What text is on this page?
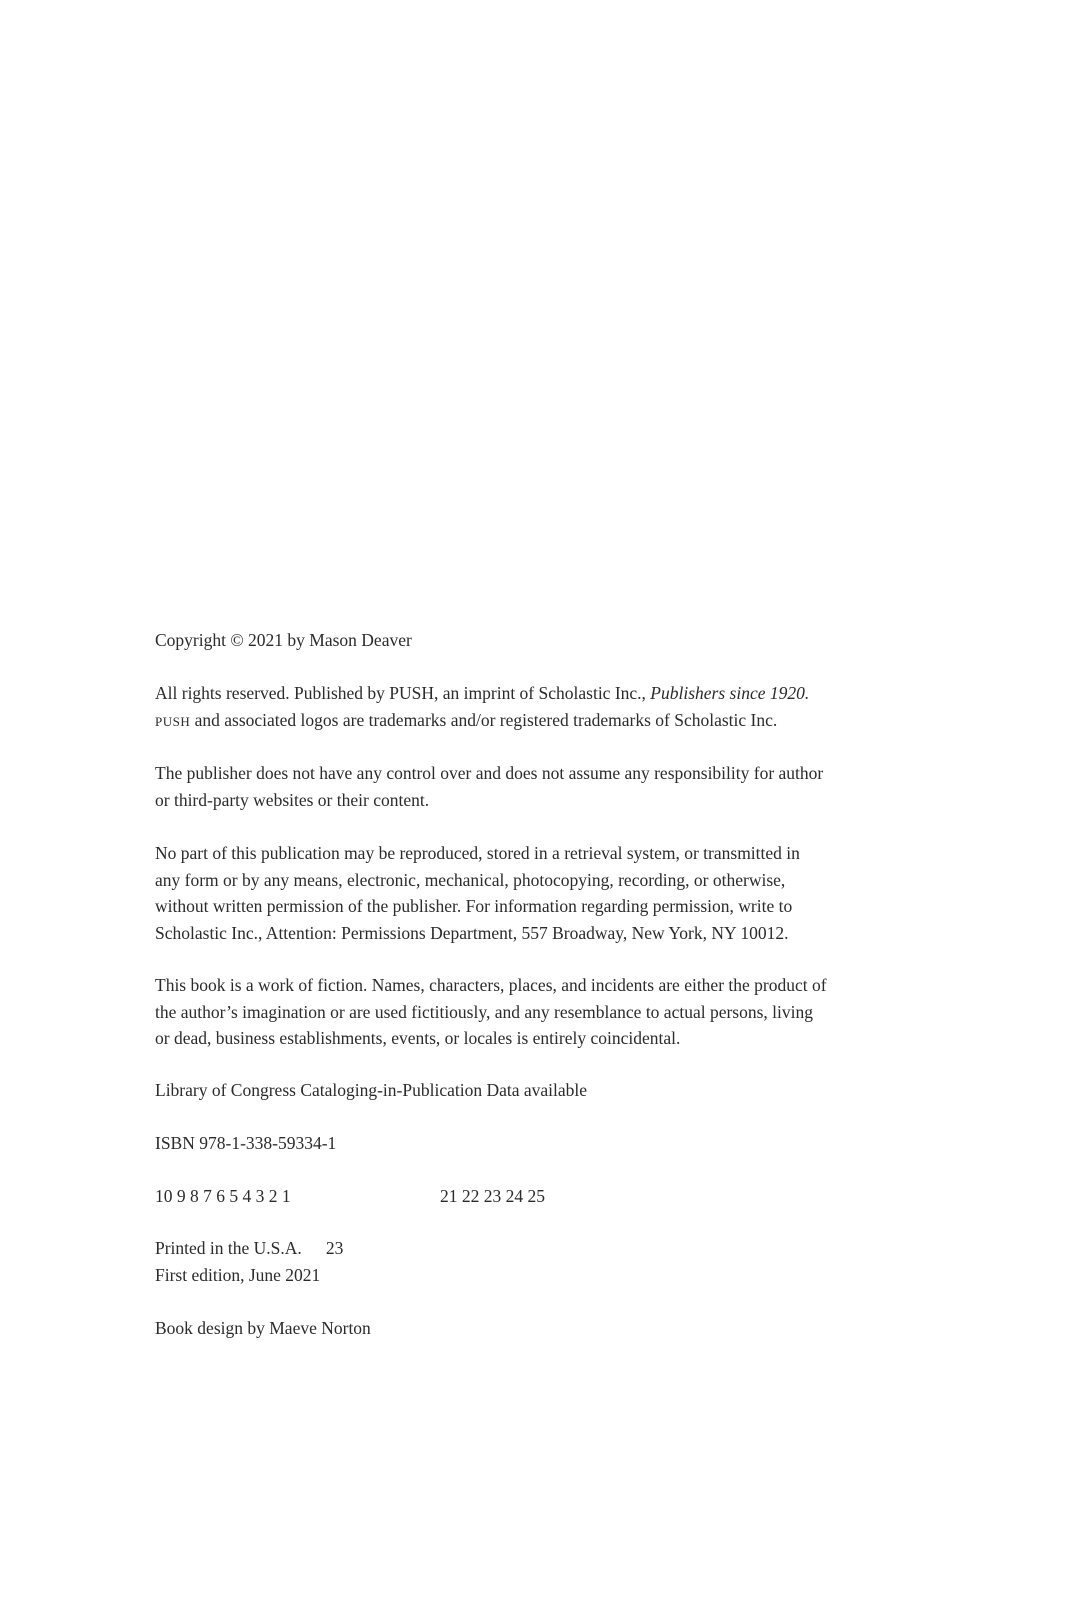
Copyright © 2021 by Mason Deaver
All rights reserved. Published by PUSH, an imprint of Scholastic Inc., Publishers since 1920.
PUSH and associated logos are trademarks and/or registered trademarks of Scholastic Inc.
The publisher does not have any control over and does not assume any responsibility for author
or third-party websites or their content.
No part of this publication may be reproduced, stored in a retrieval system, or transmitted in
any form or by any means, electronic, mechanical, photocopying, recording, or otherwise,
without written permission of the publisher. For information regarding permission, write to
Scholastic Inc., Attention: Permissions Department, 557 Broadway, New York, NY 10012.
This book is a work of fiction. Names, characters, places, and incidents are either the product of
the author’s imagination or are used fictitiously, and any resemblance to actual persons, living
or dead, business establishments, events, or locales is entirely coincidental.
Library of Congress Cataloging-in-Publication Data available
ISBN 978-1-338-59334-1
10 9 8 7 6 5 4 3 2 1	21 22 23 24 25
Printed in the U.S.A. 23
First edition, June 2021
Book design by Maeve Norton
